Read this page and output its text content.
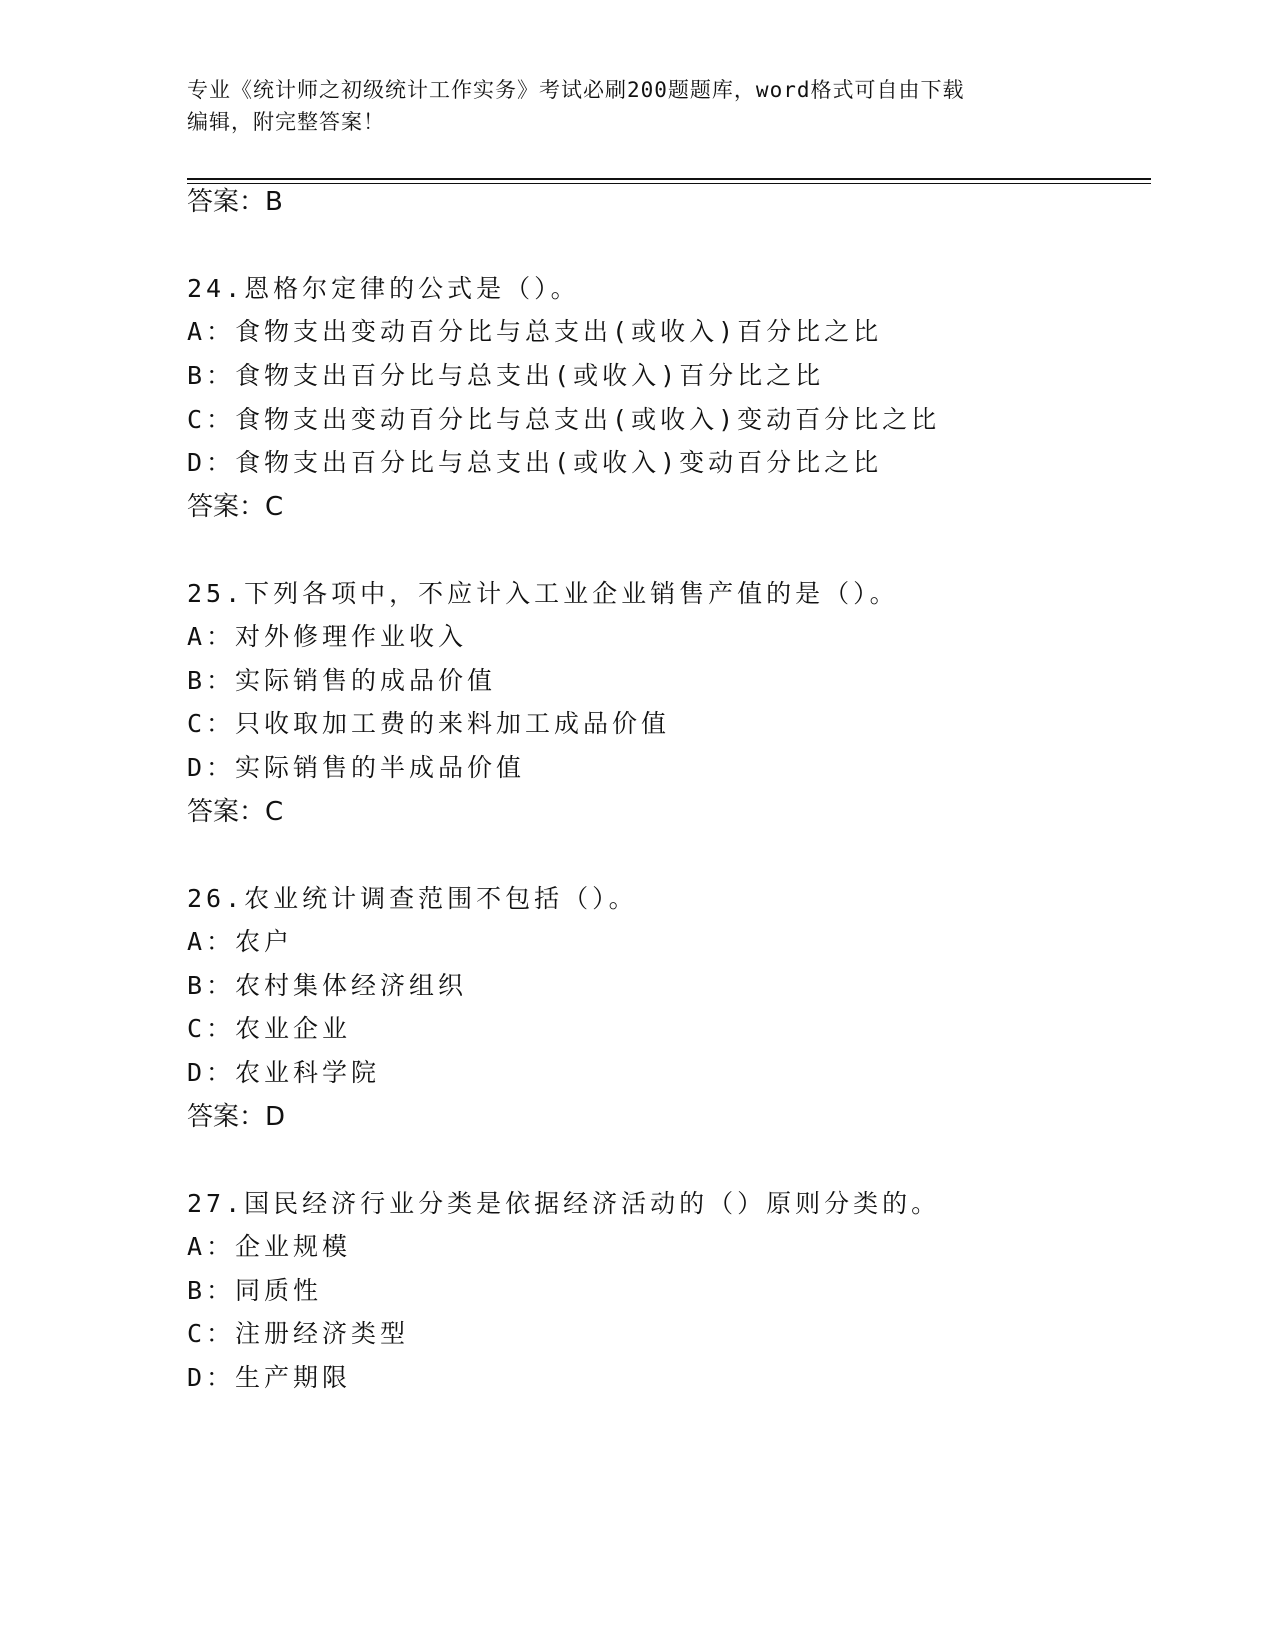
专业《统计师之初级统计工作实务》考试必刷200题题库，word格式可自由下载
编辑，附完整答案！
答案：B
24.恩格尔定律的公式是（）。
A：食物支出变动百分比与总支出(或收入)百分比之比
B：食物支出百分比与总支出(或收入)百分比之比
C：食物支出变动百分比与总支出(或收入)变动百分比之比
D：食物支出百分比与总支出(或收入)变动百分比之比
答案：C
25.下列各项中，不应计入工业企业销售产值的是（）。
A：对外修理作业收入
B：实际销售的成品价值
C：只收取加工费的来料加工成品价值
D：实际销售的半成品价值
答案：C
26.农业统计调查范围不包括（）。
A：农户
B：农村集体经济组织
C：农业企业
D：农业科学院
答案：D
27.国民经济行业分类是依据经济活动的（）原则分类的。
A：企业规模
B：同质性
C：注册经济类型
D：生产期限
